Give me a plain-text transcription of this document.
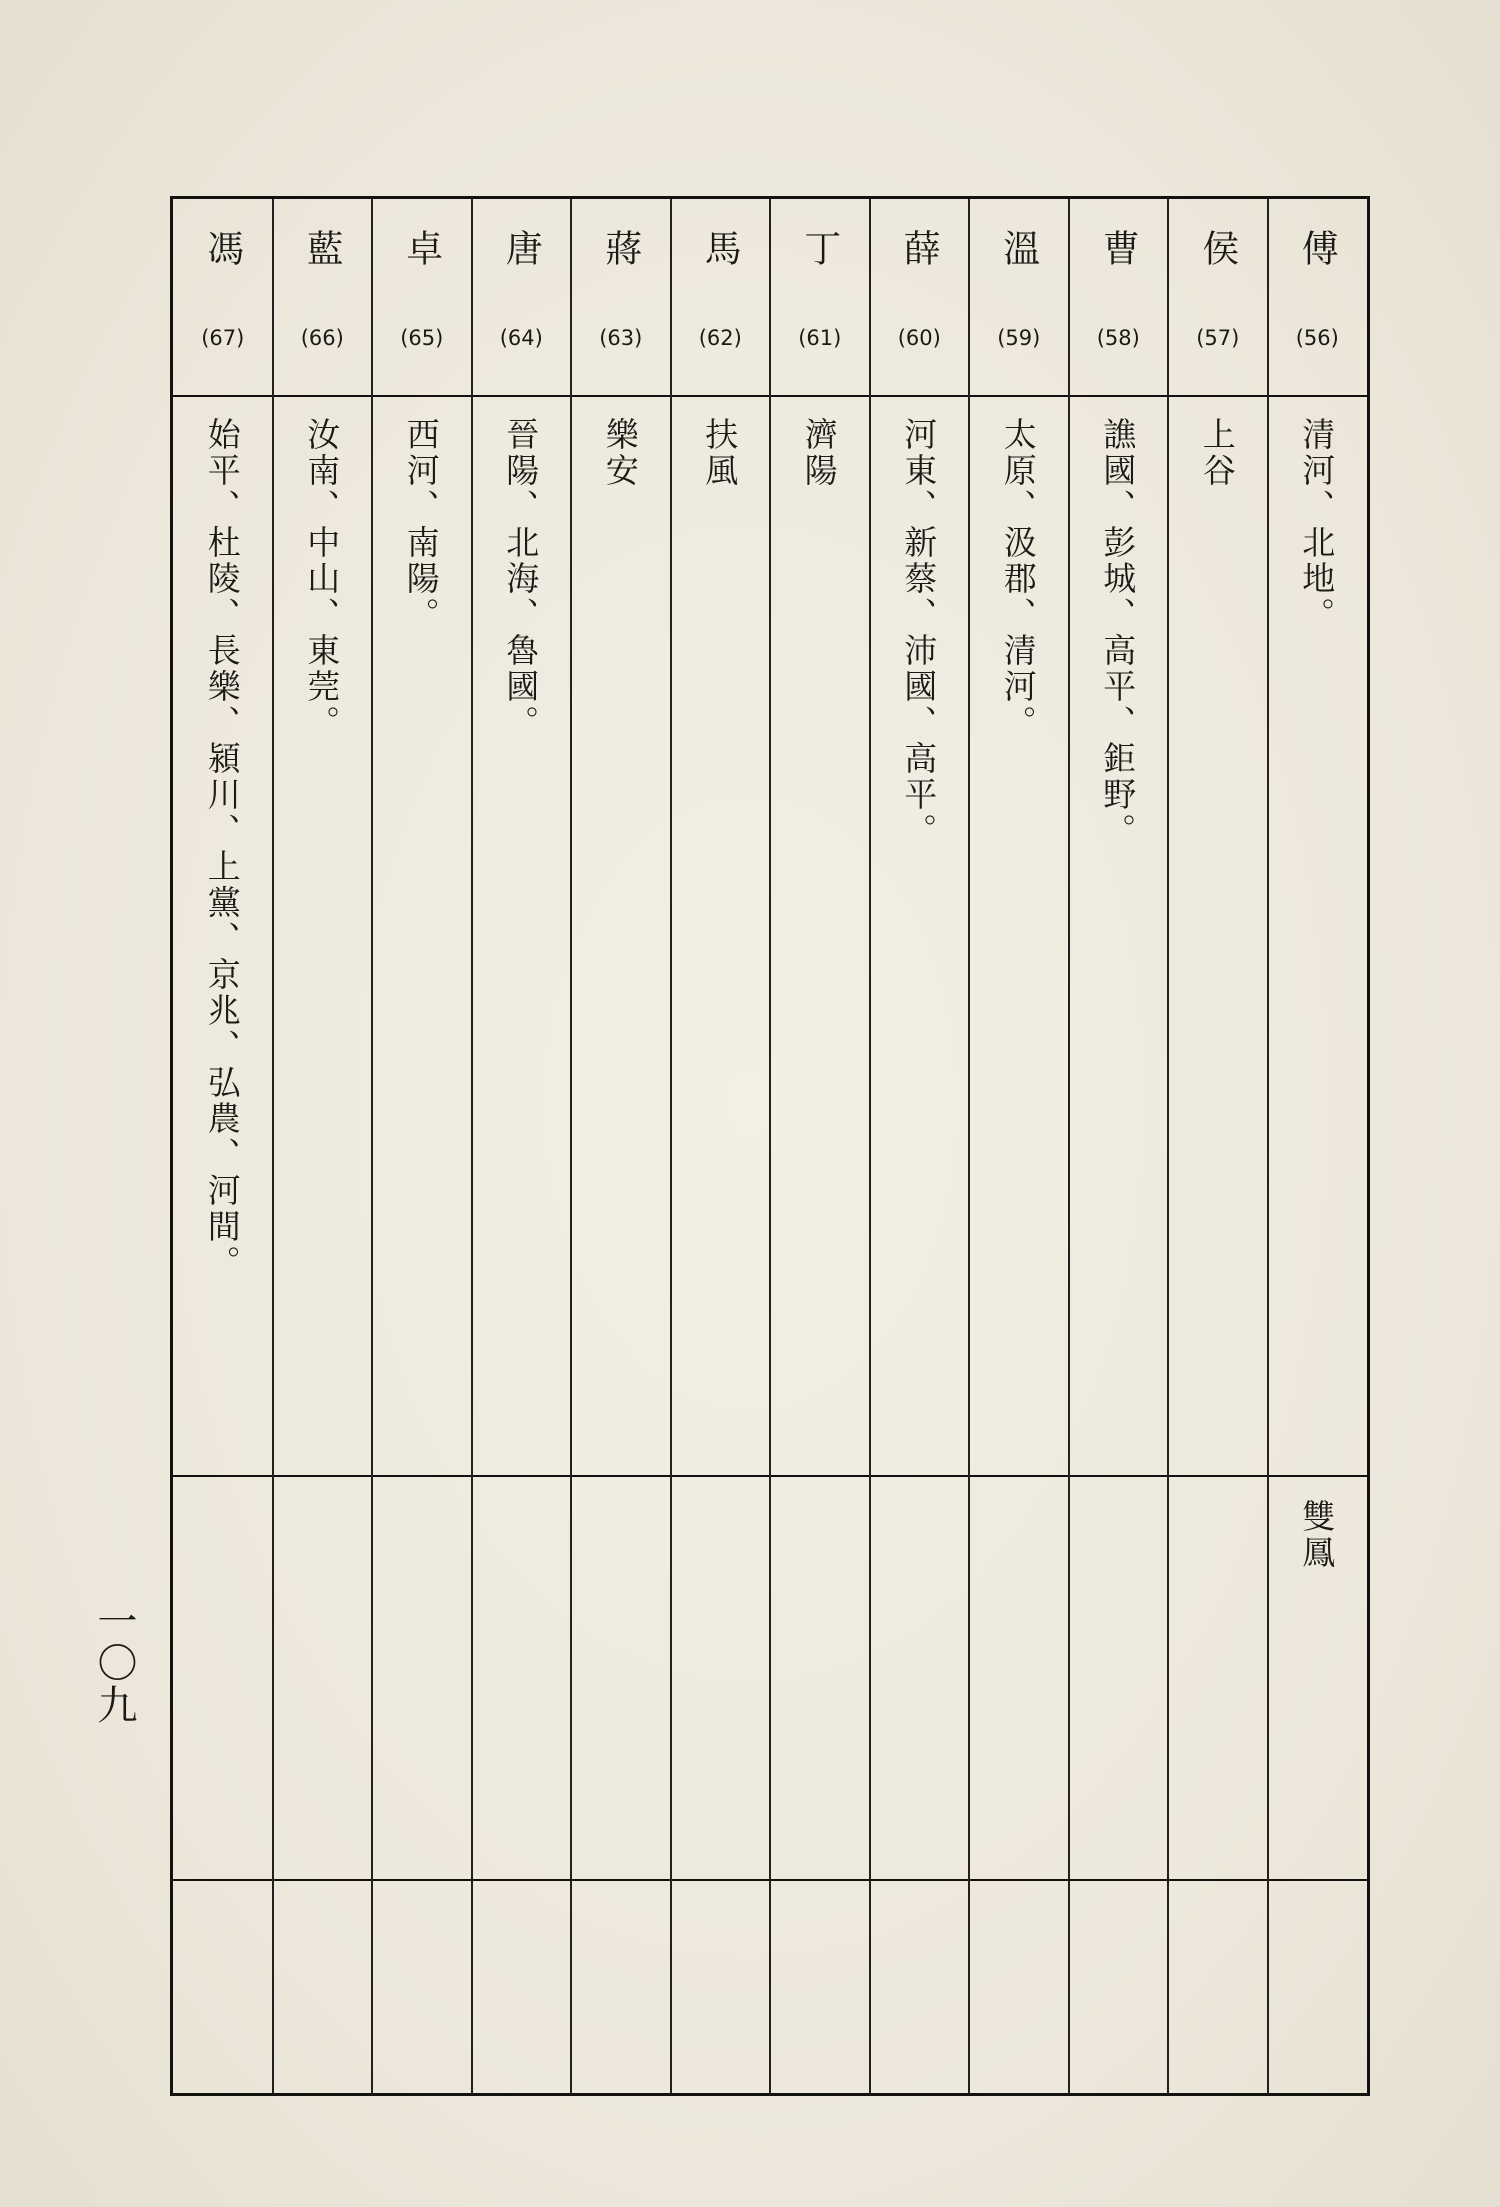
傅
(56)
清河、北地。
雙鳳
侯
(57)
上谷
曹
(58)
譙國、彭城、高平、鉅野。
溫
(59)
太原、汲郡、清河。
薛
(60)
河東、新蔡、沛國、高平。
丁
(61)
濟陽
馬
(62)
扶風
蔣
(63)
樂安
唐
(64)
晉陽、北海、魯國。
卓
(65)
西河、南陽。
藍
(66)
汝南、中山、東莞。
馮
(67)
始平、杜陵、長樂、潁川、上黨、京兆、弘農、河間。
一〇九
